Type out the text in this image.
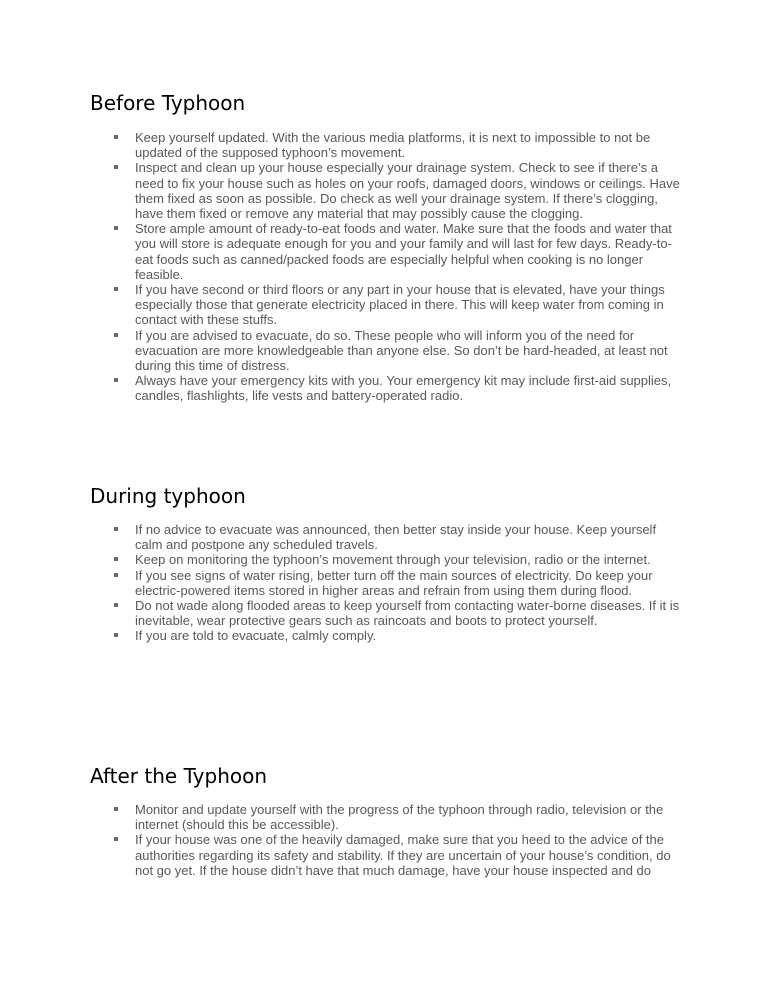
Before Typhoon
Keep yourself updated. With the various media platforms, it is next to impossible to not be updated of the supposed typhoon’s movement.
Inspect and clean up your house especially your drainage system. Check to see if there’s a need to fix your house such as holes on your roofs, damaged doors, windows or ceilings. Have them fixed as soon as possible. Do check as well your drainage system. If there’s clogging, have them fixed or remove any material that may possibly cause the clogging.
Store ample amount of ready-to-eat foods and water. Make sure that the foods and water that you will store is adequate enough for you and your family and will last for few days. Ready-to-eat foods such as canned/packed foods are especially helpful when cooking is no longer feasible.
If you have second or third floors or any part in your house that is elevated, have your things especially those that generate electricity placed in there. This will keep water from coming in contact with these stuffs.
If you are advised to evacuate, do so. These people who will inform you of the need for evacuation are more knowledgeable than anyone else. So don’t be hard-headed, at least not during this time of distress.
Always have your emergency kits with you. Your emergency kit may include first-aid supplies, candles, flashlights, life vests and battery-operated radio.
During typhoon
If no advice to evacuate was announced, then better stay inside your house. Keep yourself calm and postpone any scheduled travels.
Keep on monitoring the typhoon’s movement through your television, radio or the internet.
If you see signs of water rising, better turn off the main sources of electricity. Do keep your electric-powered items stored in higher areas and refrain from using them during flood.
Do not wade along flooded areas to keep yourself from contacting water-borne diseases. If it is inevitable, wear protective gears such as raincoats and boots to protect yourself.
If you are told to evacuate, calmly comply.
After the Typhoon
Monitor and update yourself with the progress of the typhoon through radio, television or the internet (should this be accessible).
If your house was one of the heavily damaged, make sure that you heed to the advice of the authorities regarding its safety and stability. If they are uncertain of your house’s condition, do not go yet. If the house didn’t have that much damage, have your house inspected and do
